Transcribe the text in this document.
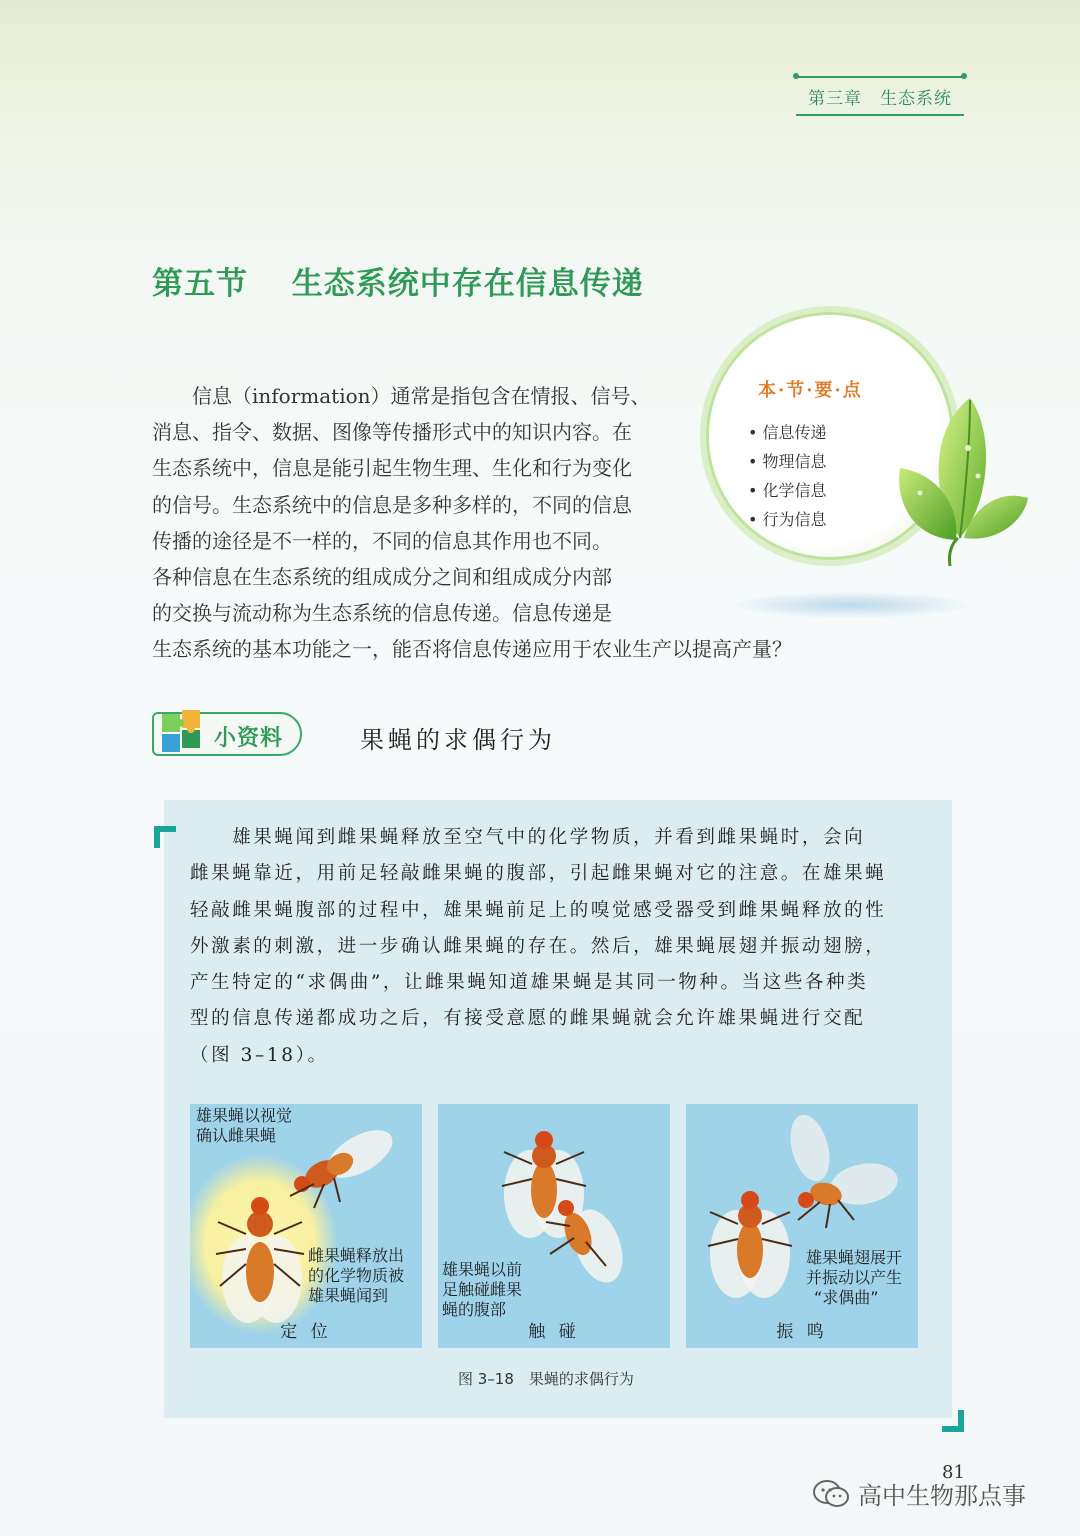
第三章　生态系统
第五节　 生态系统中存在信息传递
　　信息（information）通常是指包含在情报、信号、
消息、指令、数据、图像等传播形式中的知识内容。在
生态系统中，信息是能引起生物生理、生化和行为变化
的信号。生态系统中的信息是多种多样的，不同的信息
传播的途径是不一样的，不同的信息其作用也不同。
各种信息在生态系统的组成成分之间和组成成分内部
的交换与流动称为生态系统的信息传递。信息传递是
生态系统的基本功能之一，能否将信息传递应用于农业生产以提高产量？
本·节·要·点
• 信息传递
• 物理信息
• 化学信息
• 行为信息
小资料	果蝇的求偶行为
　　雄果蝇闻到雌果蝇释放至空气中的化学物质，并看到雌果蝇时，会向
雌果蝇靠近，用前足轻敲雌果蝇的腹部，引起雌果蝇对它的注意。在雄果蝇
轻敲雌果蝇腹部的过程中，雄果蝇前足上的嗅觉感受器受到雌果蝇释放的性
外激素的刺激，进一步确认雌果蝇的存在。然后，雄果蝇展翅并振动翅膀，
产生特定的“求偶曲”，让雌果蝇知道雄果蝇是其同一物种。当这些各种类
型的信息传递都成功之后，有接受意愿的雌果蝇就会允许雄果蝇进行交配
（图 3–18）。
雄果蝇以视觉
确认雌果蝇
雌果蝇释放出
的化学物质被
雄果蝇闻到
定 位
雄果蝇以前
足触碰雌果
蝇的腹部
触 碰
雄果蝇翅展开
并振动以产生
“求偶曲”
振 鸣
图 3–18　果蝇的求偶行为
81
高中生物那点事
